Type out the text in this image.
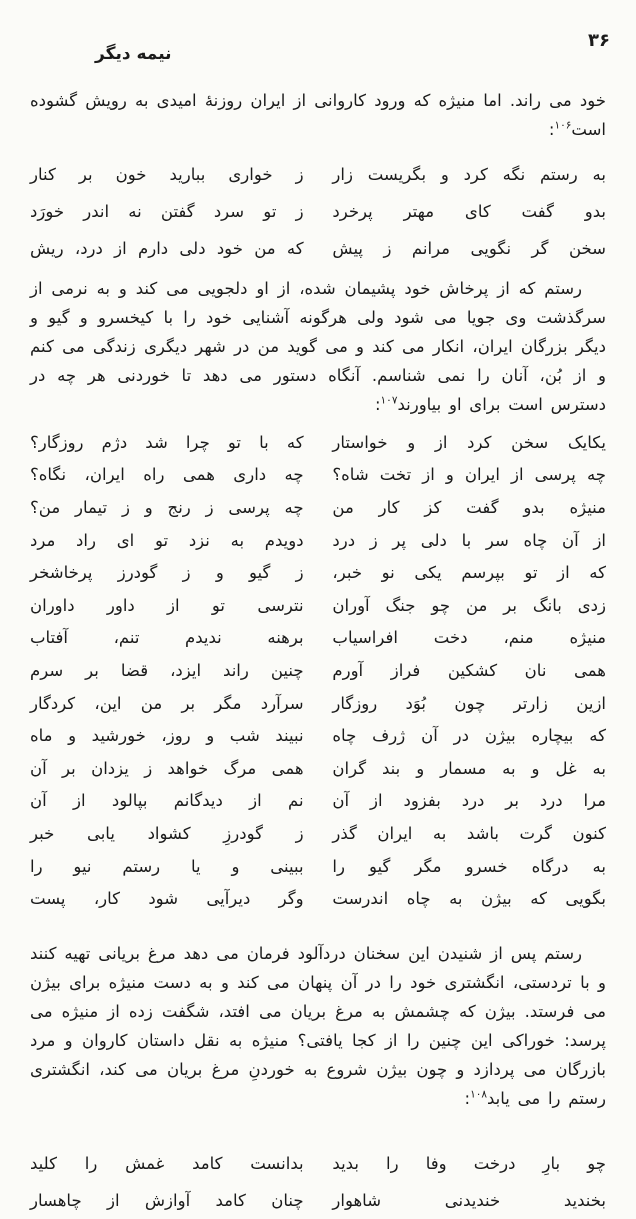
۳۶
نیمه دیگر

خود می راند. اما منیژه که ورود کاروانی از ایران روزنهٔ امیدی به رویش گشوده است$^{۱۰۶}$:

به رستم نگه کرد و بگریست زار
ز خواری ببارید خون بر کنار
بدو گفت کای مهتر پرخرد
ز تو سرد گفتن نه اندر خورَد
سخن گر نگویی مرانم ز پیش
که من خود دلی دارم از درد، ریش

رستم که از پرخاش خود پشیمان شده، از او دلجویی می کند و به نرمی از سرگذشت وی جویا می شود ولی هرگونه آشنایی خود را با کیخسرو و گیو و دیگر بزرگان ایران، انکار می کند و می گوید من در شهر دیگری زندگی می کنم و از بُن، آنان را نمی شناسم. آنگاه دستور می دهد تا خوردنی هر چه در دسترس است برای او بیاورند$^{۱۰۷}$:

یکایک سخن کرد از و خواستار
که با تو چرا شد دژم روزگار؟
چه پرسی از ایران و از تخت شاه؟
چه داری همی راه ایران، نگاه؟
منیژه بدو گفت کز کار من
چه پرسی ز رنج و ز تیمار من؟
از آن چاه سر با دلی پر ز درد
دویدم به نزد تو ای راد مرد
که از تو بپرسم یکی نو خبر،
ز گیو و ز گودرز پرخاشخر
زدی بانگ بر من چو جنگ آوران
نترسی تو از داور داوران
منیژه منم، دخت افراسیاب
برهنه ندیدم تنم، آفتاب
همی نان کشکین فراز آورم
چنین راند ایزد، قضا بر سرم
ازین زارتر چون بُوَد روزگار
سرآرد مگر بر من این، کردگار
که بیچاره بیژن در آن ژرف چاه
نبیند شب و روز، خورشید و ماه
به غل و به مسمار و بند گران
همی مرگ خواهد ز یزدان بر آن
مرا درد بر درد بفزود از آن
نم از دیدگانم بپالود از آن
کنون گرت باشد به ایران گذر
ز گودرزِ کشواد یابی خبر
به درگاه خسرو مگر گیو را
ببینی و یا رستم نیو را
بگویی که بیژن به چاه اندرست
وگر دیرآیی شود کار، پست

رستم پس از شنیدن این سخنان دردآلود فرمان می دهد مرغ بریانی تهیه کنند و با تردستی، انگشتری خود را در آن پنهان می کند و به دست منیژه برای بیژن می فرستد. بیژن که چشمش به مرغ بریان می افتد، شگفت زده از منیژه می پرسد: خوراکی این چنین را از کجا یافتی؟ منیژه به نقل داستان کاروان و مرد بازرگان می پردازد و چون بیژن شروع به خوردنِ مرغ بریان می کند، انگشتری رستم را می یابد$^{۱۰۸}$:

چو بارِ درخت وفا را بدید
بدانست کامد غمش را کلید
بخندید خندیدنی شاهوار
چنان کامد آوازش از چاهسار
